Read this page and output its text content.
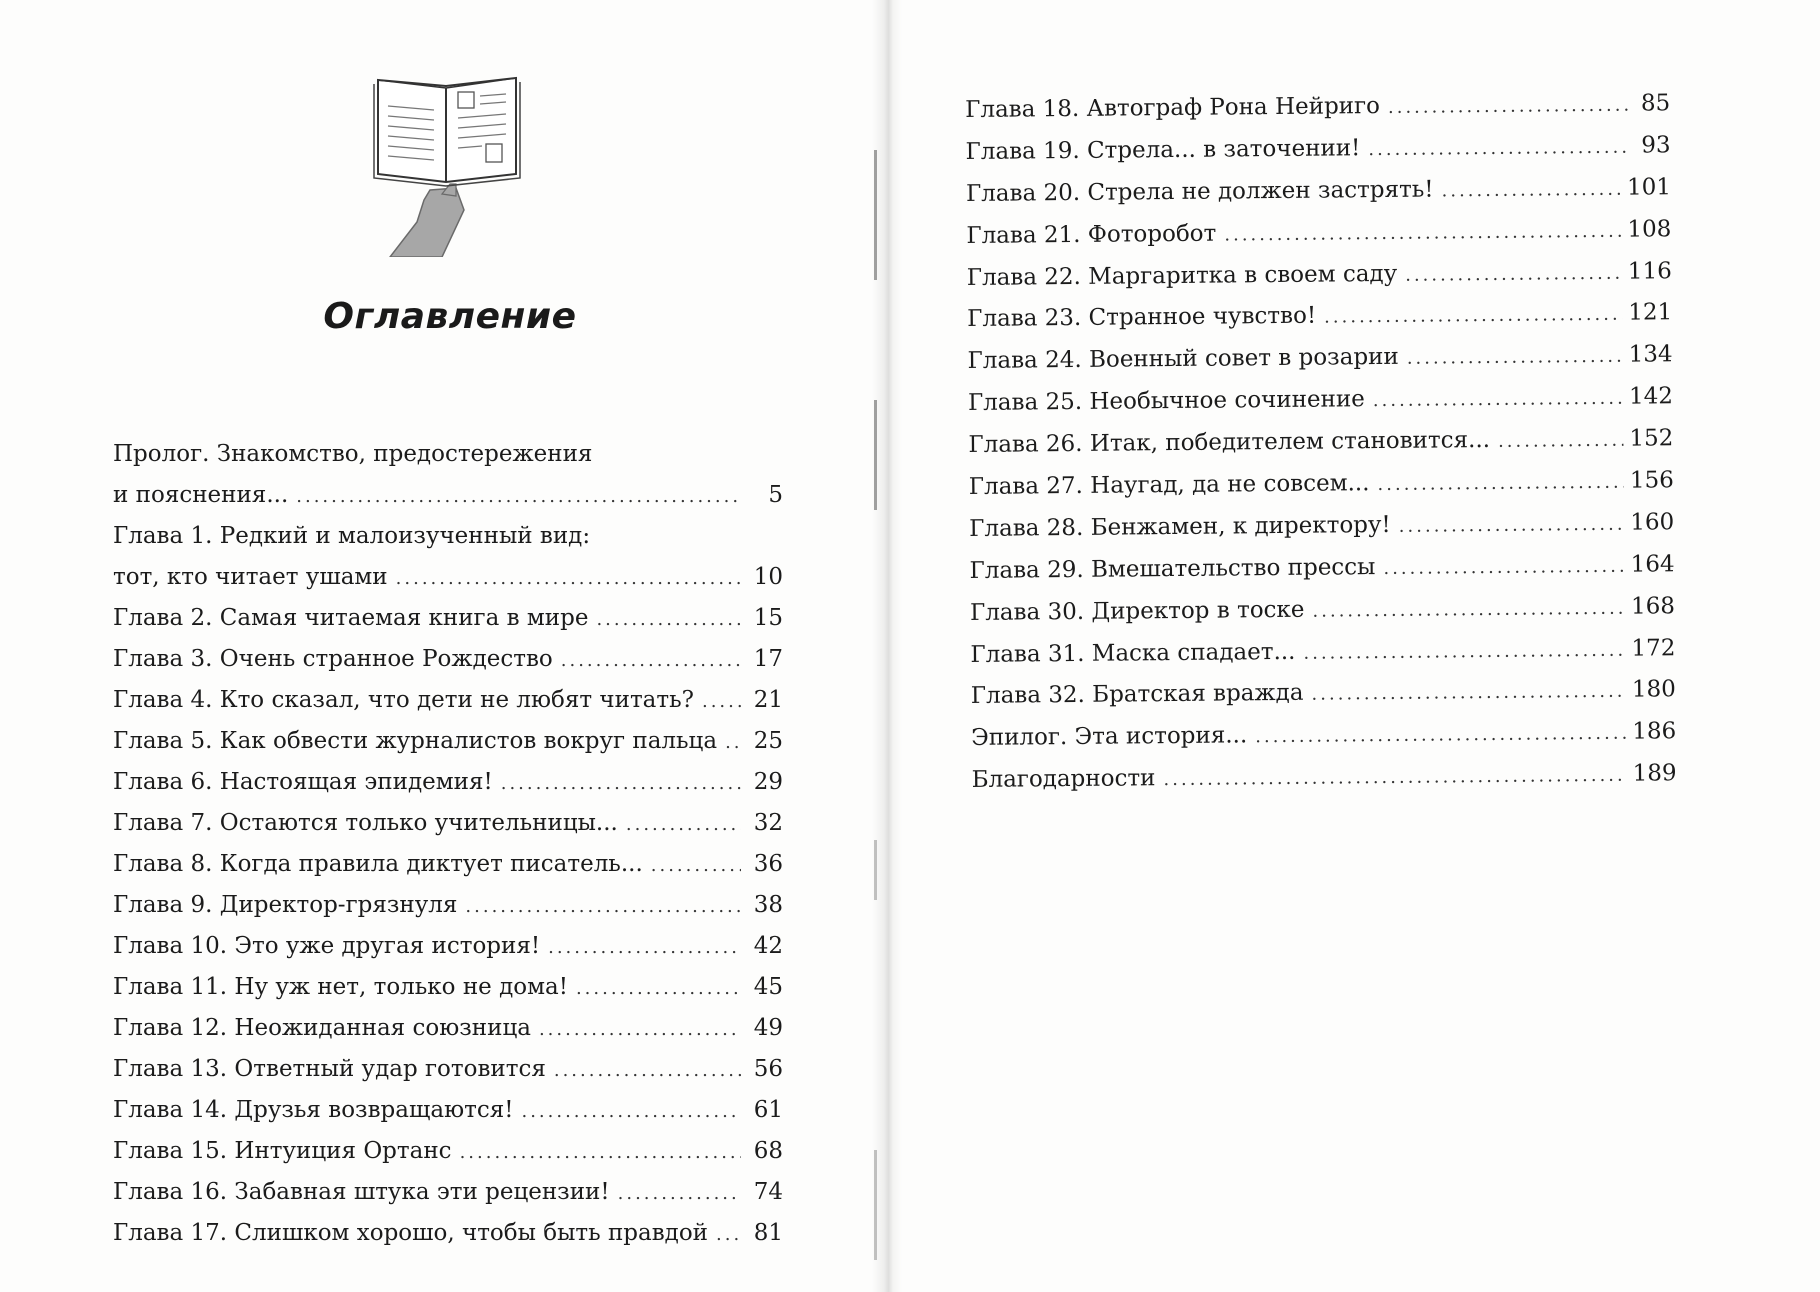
Оглавление
Пролог. Знакомство, предостережения
и пояснения... .....	5
Глава 1. Редкий и малоизученный вид:
тот, кто читает ушами .....	10
Глава 2. Самая читаемая книга в мире .....	15
Глава 3. Очень странное Рождество .....	17
Глава 4. Кто сказал, что дети не любят читать? .....	21
Глава 5. Как обвести журналистов вокруг пальца ..... 25
Глава 6. Настоящая эпидемия! .....	29
Глава 7. Остаются только учительницы... .....	32
Глава 8. Когда правила диктует писатель... .....	36
Глава 9. Директор-грязнуля .....	38
Глава 10. Это уже другая история! .....	42
Глава 11. Ну уж нет, только не дома! .....	45
Глава 12. Неожиданная союзница .....	49
Глава 13. Ответный удар готовится .....	56
Глава 14. Друзья возвращаются! .....	61
Глава 15. Интуиция Ортанс .....	68
Глава 16. Забавная штука эти рецензии! .....	74
Глава 17. Слишком хорошо, чтобы быть правдой ..... 81
Глава 18. Автограф Рона Нейриго .....	85
Глава 19. Стрела... в заточении! .....	93
Глава 20. Стрела не должен застрять! .....	101
Глава 21. Фоторобот .....	108
Глава 22. Маргаритка в своем саду .....	116
Глава 23. Странное чувство! .....	121
Глава 24. Военный совет в розарии .....	134
Глава 25. Необычное сочинение .....	142
Глава 26. Итак, победителем становится... .....	152
Глава 27. Наугад, да не совсем... .....	156
Глава 28. Бенжамен, к директору! .....	160
Глава 29. Вмешательство прессы .....	164
Глава 30. Директор в тоске .....	168
Глава 31. Маска спадает... .....	172
Глава 32. Братская вражда .....	180
Эпилог. Эта история... .....	186
Благодарности .....	189
